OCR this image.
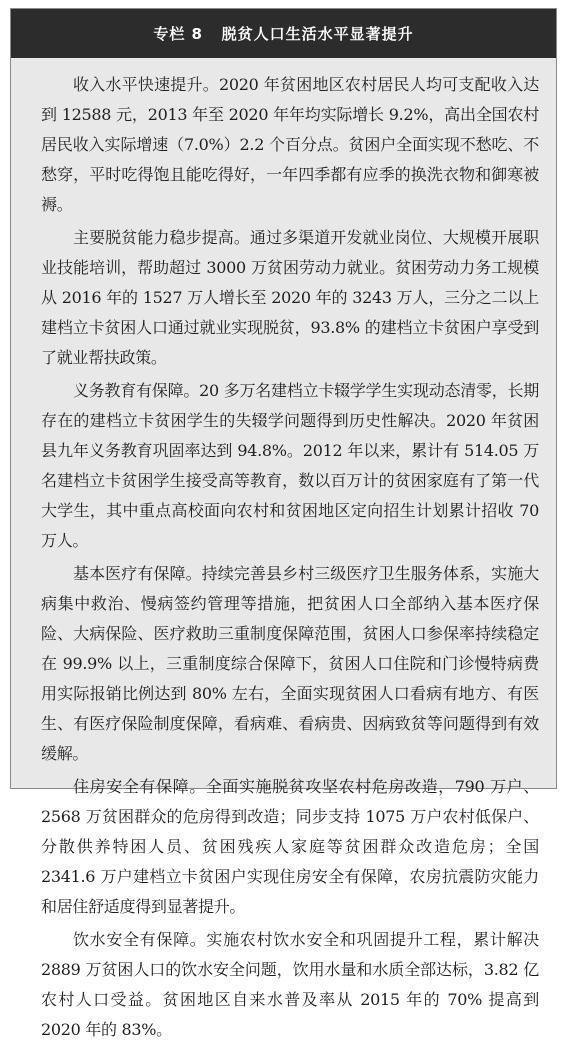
专栏 8   脱贫人口生活水平显著提升

收入水平快速提升。2020 年贫困地区农村居民人均可支配收入达到 12588 元，2013 年至 2020 年年均实际增长 9.2%，高出全国农村居民收入实际增速（7.0%）2.2 个百分点。贫困户全面实现不愁吃、不愁穿，平时吃得饱且能吃得好，一年四季都有应季的换洗衣物和御寒被褥。

主要脱贫能力稳步提高。通过多渠道开发就业岗位、大规模开展职业技能培训，帮助超过 3000 万贫困劳动力就业。贫困劳动力务工规模从 2016 年的 1527 万人增长至 2020 年的 3243 万人，三分之二以上建档立卡贫困人口通过就业实现脱贫，93.8% 的建档立卡贫困户享受到了就业帮扶政策。

义务教育有保障。20 多万名建档立卡辍学学生实现动态清零，长期存在的建档立卡贫困学生的失辍学问题得到历史性解决。2020 年贫困县九年义务教育巩固率达到 94.8%。2012 年以来，累计有 514.05 万名建档立卡贫困学生接受高等教育，数以百万计的贫困家庭有了第一代大学生，其中重点高校面向农村和贫困地区定向招生计划累计招收 70 万人。

基本医疗有保障。持续完善县乡村三级医疗卫生服务体系，实施大病集中救治、慢病签约管理等措施，把贫困人口全部纳入基本医疗保险、大病保险、医疗救助三重制度保障范围，贫困人口参保率持续稳定在 99.9% 以上，三重制度综合保障下，贫困人口住院和门诊慢特病费用实际报销比例达到 80% 左右，全面实现贫困人口看病有地方、有医生、有医疗保险制度保障，看病难、看病贵、因病致贫等问题得到有效缓解。

住房安全有保障。全面实施脱贫攻坚农村危房改造，790 万户、2568 万贫困群众的危房得到改造；同步支持 1075 万户农村低保户、分散供养特困人员、贫困残疾人家庭等贫困群众改造危房；全国 2341.6 万户建档立卡贫困户实现住房安全有保障，农房抗震防灾能力和居住舒适度得到显著提升。

饮水安全有保障。实施农村饮水安全和巩固提升工程，累计解决 2889 万贫困人口的饮水安全问题，饮用水量和水质全部达标，3.82 亿农村人口受益。贫困地区自来水普及率从 2015 年的 70% 提高到 2020 年的 83%。
